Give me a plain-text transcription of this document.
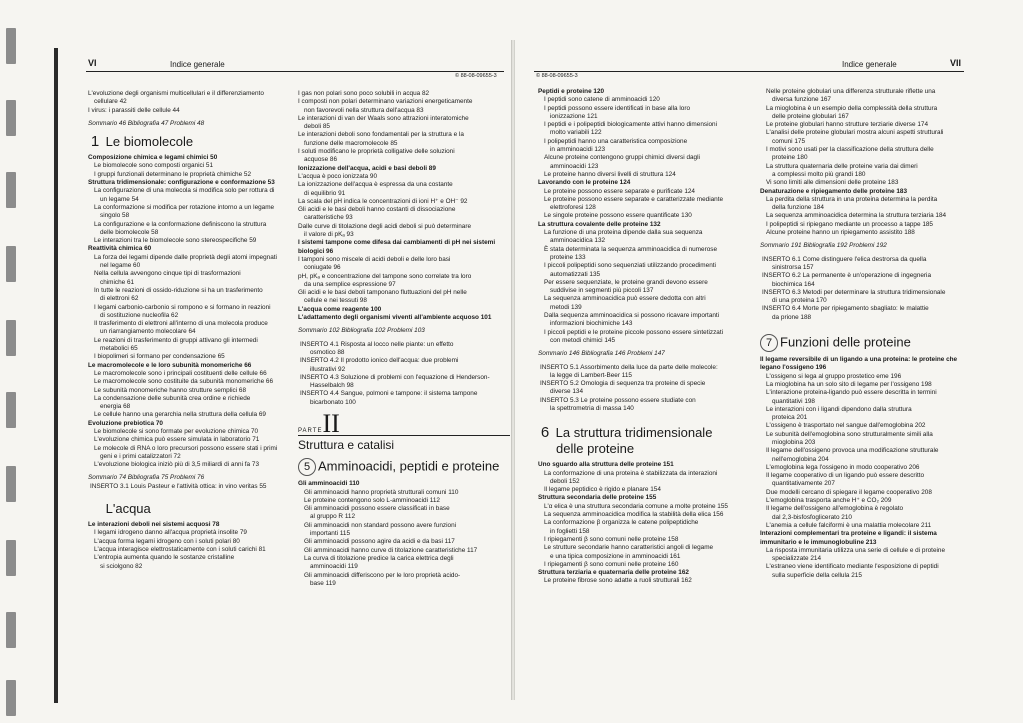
VI	Indice generale
© 88-08-09655-3

L'evoluzione degli organismi multicellulari e il differenziamento

cellulare 42

I virus: i parassiti delle cellule 44

Sommario 46 Bibliografia 47 Problemi 48

1 Le biomolecole

Composizione chimica e legami chimici 50

Le biomolecole sono composti organici 51

I gruppi funzionali determinano le proprietà chimiche 52

Struttura tridimensionale: configurazione e conformazione 53

La configurazione di una molecola si modifica solo per rottura di

un legame 54

La conformazione si modifica per rotazione intorno a un legame

singolo 58

La configurazione e la conformazione definiscono la struttura

delle biomolecole 58

Le interazioni tra le biomolecole sono stereospecifiche 59

Reattività chimica 60

La forza dei legami dipende dalle proprietà degli atomi impegnati

nel legame 60

Nella cellula avvengono cinque tipi di trasformazioni

chimiche 61

In tutte le reazioni di ossido-riduzione si ha un trasferimento

di elettroni 62

I legami carbonio-carbonio si rompono e si formano in reazioni

di sostituzione nucleofila 62

Il trasferimento di elettroni all'interno di una molecola produce

un riarrangiamento molecolare 64

Le reazioni di trasferimento di gruppi attivano gli intermedi

metabolici 65

I biopolimeri si formano per condensazione 65

Le macromolecole e le loro subunità monomeriche 66

Le macromolecole sono i principali costituenti delle cellule 66

Le macromolecole sono costituite da subunità monomeriche 66

Le subunità monomeriche hanno strutture semplici 68

La condensazione delle subunità crea ordine e richiede

energia 68

Le cellule hanno una gerarchia nella struttura della cellula 69

Evoluzione prebiotica 70

Le biomolecole si sono formate per evoluzione chimica 70

L'evoluzione chimica può essere simulata in laboratorio 71

Le molecole di RNA o loro precursori possono essere stati i primi

geni e i primi catalizzatori 72

L'evoluzione biologica iniziò più di 3,5 miliardi di anni fa 73

Sommario 74 Bibliografia 75 Problemi 76

INSERTO 3.1 Louis Pasteur e l'attività ottica: in vino veritas 55

L'acqua

Le interazioni deboli nei sistemi acquosi 78

I legami idrogeno danno all'acqua proprietà insolite 79

L'acqua forma legami idrogeno con i soluti polari 80

L'acqua interagisce elettrostaticamente con i soluti carichi 81

L'entropia aumenta quando le sostanze cristalline

si sciolgono 82

I gas non polari sono poco solubili in acqua 82

I composti non polari determinano variazioni energeticamente

non favorevoli nella struttura dell'acqua 83

Le interazioni di van der Waals sono attrazioni interatomiche

deboli 85

Le interazioni deboli sono fondamentali per la struttura e la

funzione delle macromolecole 85

I soluti modificano le proprietà colligative delle soluzioni

acquose 86

Ionizzazione dell'acqua, acidi e basi deboli 89

L'acqua è poco ionizzata 90

La ionizzazione dell'acqua è espressa da una costante

di equilibrio 91

La scala del pH indica le concentrazioni di ioni H⁺ e OH⁻ 92

Gli acidi e le basi deboli hanno costanti di dissociazione

caratteristiche 93

Dalle curve di titolazione degli acidi deboli si può determinare

il valore di pKₐ 93

I sistemi tampone come difesa dai cambiamenti di pH nei sistemi

biologici 96

I tamponi sono miscele di acidi deboli e delle loro basi

coniugate 96

pH, pKₐ e concentrazione del tampone sono correlate tra loro

da una semplice espressione 97

Gli acidi e le basi deboli tamponano fluttuazioni del pH nelle

cellule e nei tessuti 98

L'acqua come reagente 100

L'adattamento degli organismi viventi all'ambiente acquoso 101

Sommario 102 Bibliografia 102 Problemi 103

INSERTO 4.1 Risposta al locco nelle piante: un effetto

osmotico 88

INSERTO 4.2 Il prodotto ionico dell'acqua: due problemi

illustrativi 92

INSERTO 4.3 Soluzione di problemi con l'equazione di Henderson-

Hasselbalch 98

INSERTO 4.4 Sangue, polmoni e tampone: il sistema tampone

bicarbonato 100

PARTEII
Struttura e catalisi
5 Amminoacidi, peptidi e proteine

Gli amminoacidi 110

Gli amminoacidi hanno proprietà strutturali comuni 110

Le proteine contengono solo L-amminoacidi 112

Gli amminoacidi possono essere classificati in base

al gruppo R 112

Gli amminoacidi non standard possono avere funzioni

importanti 115

Gli amminoacidi possono agire da acidi e da basi 117

Gli amminoacidi hanno curve di titolazione caratteristiche 117

La curva di titolazione predice la carica elettrica degli

amminoacidi 119

Gli amminoacidi differiscono per le loro proprietà acido-

base 119

© 88-08-09655-3
Indice generale	VII

Peptidi e proteine 120

I peptidi sono catene di amminoacidi 120

I peptidi possono essere identificati in base alla loro

ionizzazione 121

I peptidi e i polipeptidi biologicamente attivi hanno dimensioni

molto variabili 122

I polipeptidi hanno una caratteristica composizione

in amminoacidi 123

Alcune proteine contengono gruppi chimici diversi dagli

amminoacidi 123

Le proteine hanno diversi livelli di struttura 124

Lavorando con le proteine 124

Le proteine possono essere separate e purificate 124

Le proteine possono essere separate e caratterizzate mediante

elettroforesi 128

Le singole proteine possono essere quantificate 130

La struttura covalente delle proteine 132

La funzione di una proteina dipende dalla sua sequenza

amminoacidica 132

È stata determinata la sequenza amminoacidica di numerose

proteine 133

I piccoli polipeptidi sono sequenziati utilizzando procedimenti

automatizzati 135

Per essere sequenziate, le proteine grandi devono essere

suddivise in segmenti più piccoli 137

La sequenza amminoacidica può essere dedotta con altri

metodi 139

Dalla sequenza amminoacidica si possono ricavare importanti

informazioni biochimiche 143

I piccoli peptidi e le proteine piccole possono essere sintetizzati

con metodi chimici 145

Sommario 146 Bibliografia 146 Problemi 147

INSERTO 5.1 Assorbimento della luce da parte delle molecole:

la legge di Lambert-Beer 115

INSERTO 5.2 Omologia di sequenza tra proteine di specie

diverse 134

INSERTO 5.3 Le proteine possono essere studiate con

la spettrometria di massa 140

6 La struttura tridimensionale
delle proteine

Uno sguardo alla struttura delle proteine 151

La conformazione di una proteina è stabilizzata da interazioni

deboli 152

Il legame peptidico è rigido e planare 154

Struttura secondaria delle proteine 155

L'α elica è una struttura secondaria comune a molte proteine 155

La sequenza amminoacidica modifica la stabilità della elica 156

La conformazione β organizza le catene polipeptidiche

in foglietti 158

I ripiegamenti β sono comuni nelle proteine 158

Le strutture secondarie hanno caratteristici angoli di legame

e una tipica composizione in amminoacidi 161

I ripiegamenti β sono comuni nelle proteine 160

Struttura terziaria e quaternaria delle proteine 162

Le proteine fibrose sono adatte a ruoli strutturali 162

Nelle proteine globulari una differenza strutturale riflette una

diversa funzione 167

La mioglobina è un esempio della complessità della struttura

delle proteine globulari 167

Le proteine globulari hanno strutture terziarie diverse 174

L'analisi delle proteine globulari mostra alcuni aspetti strutturali

comuni 175

I motivi sono usati per la classificazione della struttura delle

proteine 180

La struttura quaternaria delle proteine varia dai dimeri

a complessi molto più grandi 180

Vi sono limiti alle dimensioni delle proteine 183

Denaturazione e ripiegamento delle proteine 183

La perdita della struttura in una proteina determina la perdita

della funzione 184

La sequenza amminoacidica determina la struttura terziaria 184

I polipeptidi si ripiegano mediante un processo a tappe 185

Alcune proteine hanno un ripiegamento assistito 188

Sommario 191 Bibliografia 192 Problemi 192

INSERTO 6.1 Come distinguere l'elica destrorsa da quella

sinistrorsa 157

INSERTO 6.2 La permanente è un'operazione di ingegneria

biochimica 164

INSERTO 6.3 Metodi per determinare la struttura tridimensionale

di una proteina 170

INSERTO 6.4 Morte per ripiegamento sbagliato: le malattie

da prione 188

7 Funzioni delle proteine

Il legame reversibile di un ligando a una proteina: le proteine che

legano l'ossigeno 196

L'ossigeno si lega al gruppo prostetico eme 196

La mioglobina ha un solo sito di legame per l'ossigeno 198

L'interazione proteina-ligando può essere descritta in termini

quantitativi 198

Le interazioni con i ligandi dipendono dalla struttura

proteica 201

L'ossigeno è trasportato nel sangue dall'emoglobina 202

Le subunità dell'emoglobina sono strutturalmente simili alla

mioglobina 203

Il legame dell'ossigeno provoca una modificazione strutturale

nell'emoglobina 204

L'emoglobina lega l'ossigeno in modo cooperativo 206

Il legame cooperativo di un ligando può essere descritto

quantitativamente 207

Due modelli cercano di spiegare il legame cooperativo 208

L'emoglobina trasporta anche H⁺ e CO₂ 209

Il legame dell'ossigeno all'emoglobina è regolato

dal 2,3-bisfosfoglicerato 210

L'anemia a cellule falciformi è una malattia molecolare 211

Interazioni complementari tra proteine e ligandi: il sistema

immunitario e le immunoglobuline 213

La risposta immunitaria utilizza una serie di cellule e di proteine

specializzate 214

L'estraneo viene identificato mediante l'esposizione di peptidi

sulla superficie della cellula 215
